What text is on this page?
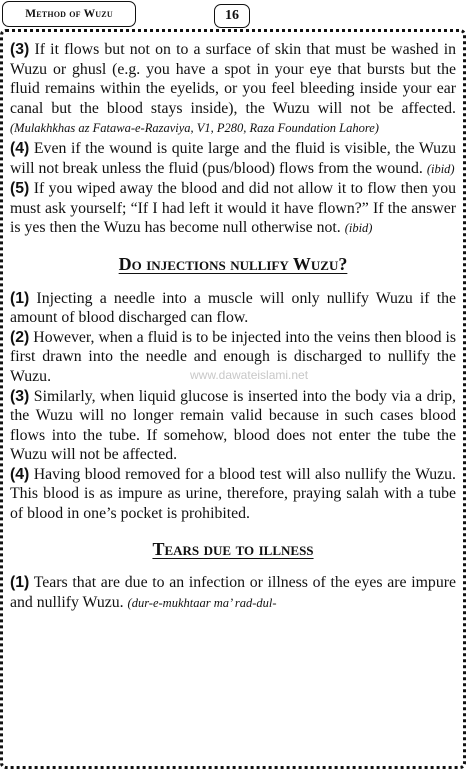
Method of Wuzu	16
www.dawateislami.net

(3) If it flows but not on to a surface of skin that must be washed in Wuzu or ghusl (e.g. you have a spot in your eye that bursts but the fluid remains within the eyelids, or you feel bleeding inside your ear canal but the blood stays inside), the Wuzu will not be affected. (Mulakhkhas az Fatawa-e-Razaviya, V1, P280, Raza Foundation Lahore)

(4) Even if the wound is quite large and the fluid is visible, the Wuzu will not break unless the fluid (pus/blood) flows from the wound. (ibid)

(5) If you wiped away the blood and did not allow it to flow then you must ask yourself; “If I had left it would it have flown?” If the answer is yes then the Wuzu has become null otherwise not. (ibid)

Do injections nullify Wuzu?

(1) Injecting a needle into a muscle will only nullify Wuzu if the amount of blood discharged can flow.

(2) However, when a fluid is to be injected into the veins then blood is first drawn into the needle and enough is discharged to nullify the Wuzu.

(3) Similarly, when liquid glucose is inserted into the body via a drip, the Wuzu will no longer remain valid because in such cases blood flows into the tube. If somehow, blood does not enter the tube the Wuzu will not be affected.

(4) Having blood removed for a blood test will also nullify the Wuzu. This blood is as impure as urine, therefore, praying salah with a tube of blood in one’s pocket is prohibited.

Tears due to illness

(1) Tears that are due to an infection or illness of the eyes are impure and nullify Wuzu. (dur-e-mukhtaar ma’ rad-dul-
